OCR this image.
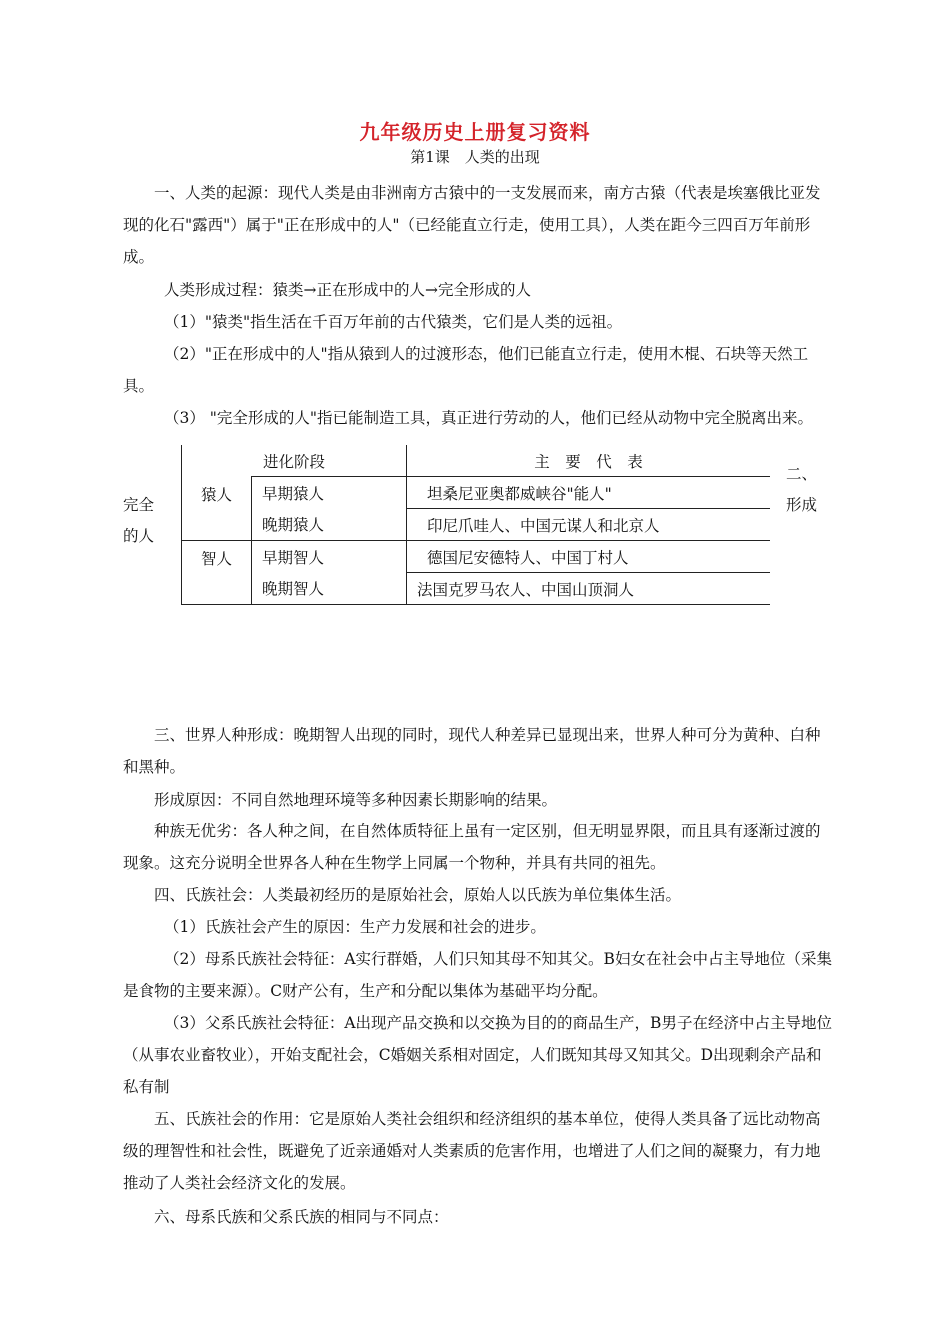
九年级历史上册复习资料
第1课　人类的出现

一、人类的起源：现代人类是由非洲南方古猿中的一支发展而来，南方古猿（代表是埃塞俄比亚发现的化石"露西"）属于"正在形成中的人"（已经能直立行走，使用工具），人类在距今三四百万年前形成。

人类形成过程：猿类→正在形成中的人→完全形成的人

（1）"猿类"指生活在千百万年前的古代猿类，它们是人类的远祖。

（2）"正在形成中的人"指从猿到人的过渡形态，他们已能直立行走，使用木棍、石块等天然工具。

（3） "完全形成的人"指已能制造工具，真正进行劳动的人，他们已经从动物中完全脱离出来。

完全
的人
二、
形成
进化阶段		主　要　代　表
猿人	早期猿人	坦桑尼亚奥都威峡谷"能人"
	晚期猿人	印尼爪哇人、中国元谋人和北京人
智人	早期智人	德国尼安德特人、中国丁村人
	晚期智人	法国克罗马农人、中国山顶洞人

三、世界人种形成：晚期智人出现的同时，现代人种差异已显现出来，世界人种可分为黄种、白种和黑种。

形成原因：不同自然地理环境等多种因素长期影响的结果。

种族无优劣：各人种之间，在自然体质特征上虽有一定区别，但无明显界限，而且具有逐渐过渡的现象。这充分说明全世界各人种在生物学上同属一个物种，并具有共同的祖先。

四、氏族社会：人类最初经历的是原始社会，原始人以氏族为单位集体生活。

（1）氏族社会产生的原因：生产力发展和社会的进步。

（2）母系氏族社会特征：A实行群婚，人们只知其母不知其父。B妇女在社会中占主导地位（采集是食物的主要来源）。C财产公有，生产和分配以集体为基础平均分配。

（3）父系氏族社会特征：A出现产品交换和以交换为目的的商品生产，B男子在经济中占主导地位（从事农业畜牧业），开始支配社会，C婚姻关系相对固定，人们既知其母又知其父。D出现剩余产品和私有制

五、氏族社会的作用：它是原始人类社会组织和经济组织的基本单位，使得人类具备了远比动物高级的理智性和社会性，既避免了近亲通婚对人类素质的危害作用，也增进了人们之间的凝聚力，有力地推动了人类社会经济文化的发展。

六、母系氏族和父系氏族的相同与不同点：
